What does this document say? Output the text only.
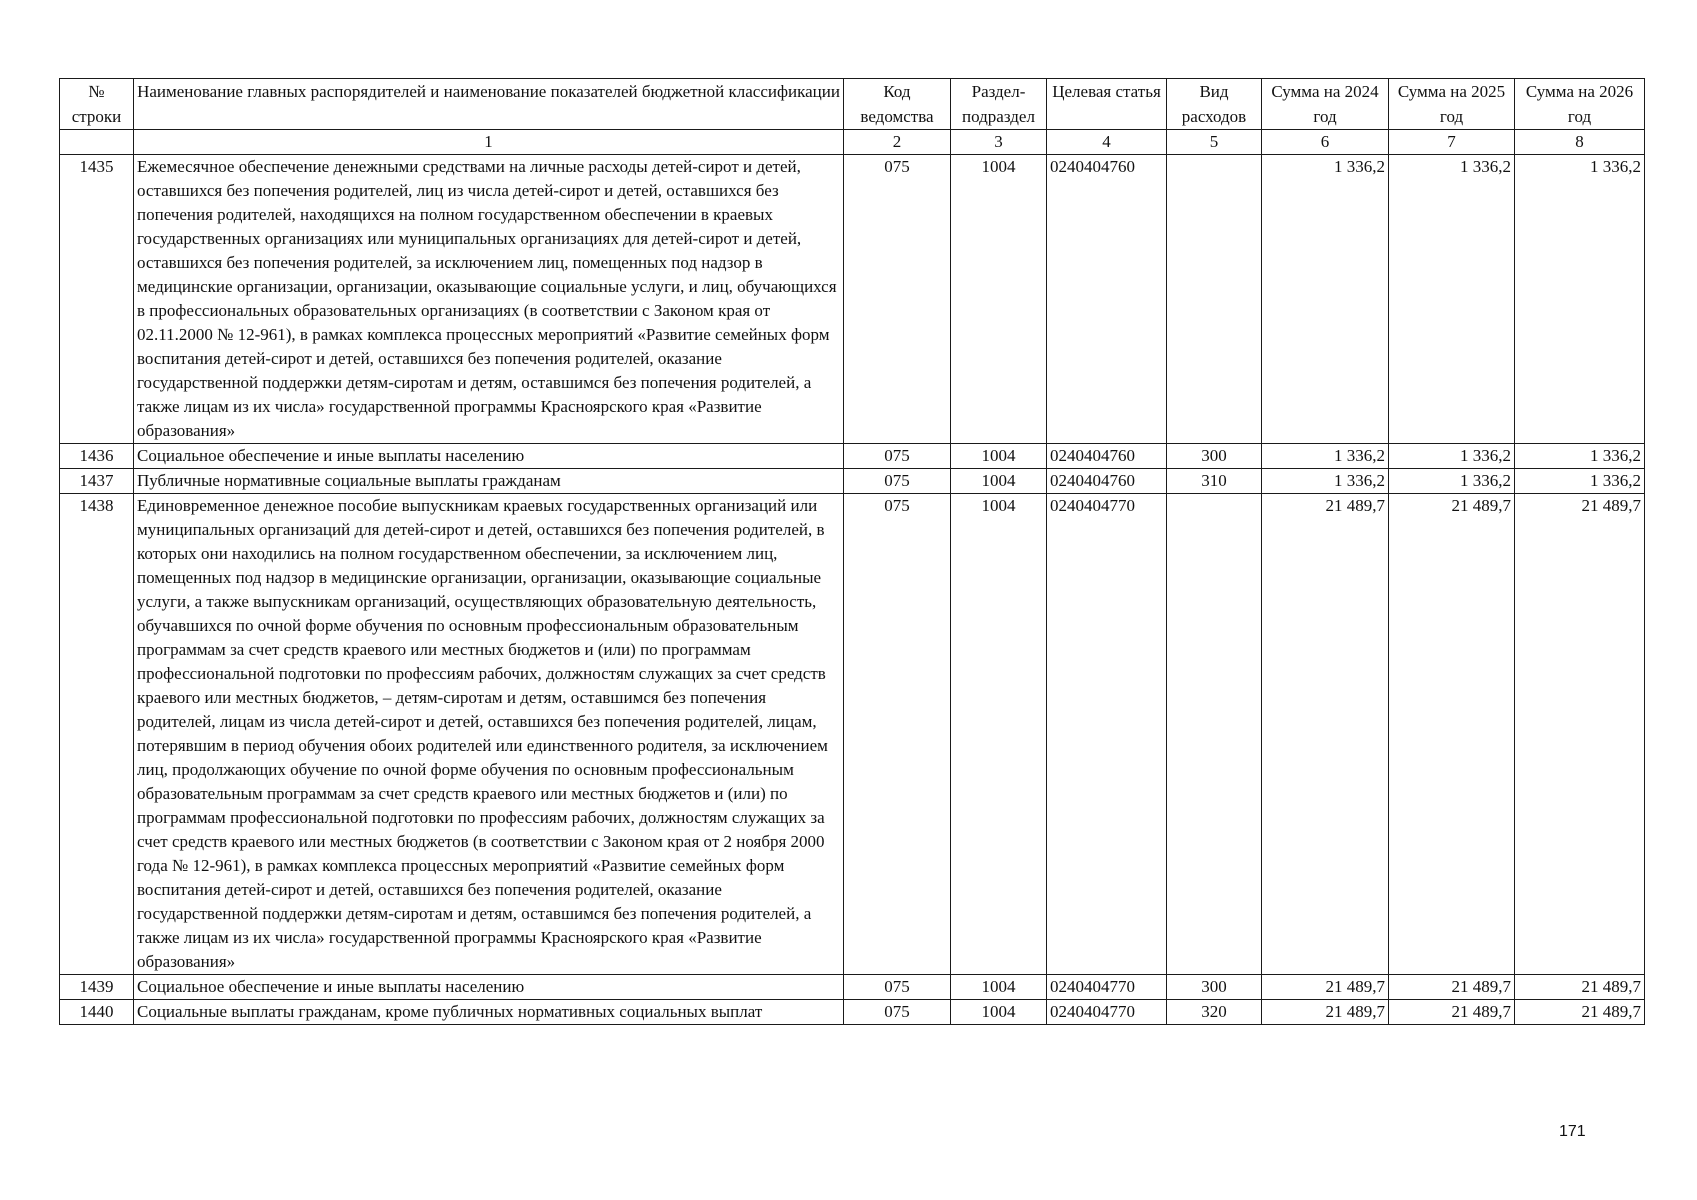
№ строки	Наименование главных распорядителей и наименование показателей бюджетной классификации	Код ведомства	Раздел-подраздел	Целевая статья	Вид расходов	Сумма на 2024 год	Сумма на 2025 год	Сумма на 2026 год
	1	2	3	4	5	6	7	8
1435	Ежемесячное обеспечение денежными средствами на личные расходы детей-сирот и детей, оставшихся без попечения родителей, лиц из числа детей-сирот и детей, оставшихся без попечения родителей, находящихся на полном государственном обеспечении в краевых государственных организациях или муниципальных организациях для детей-сирот и детей, оставшихся без попечения родителей, за исключением лиц, помещенных под надзор в медицинские организации, организации, оказывающие социальные услуги, и лиц, обучающихся в профессиональных образовательных организациях (в соответствии с Законом края от 02.11.2000 № 12-961), в рамках комплекса процессных мероприятий «Развитие семейных форм воспитания детей-сирот и детей, оставшихся без попечения родителей, оказание государственной поддержки детям-сиротам и детям, оставшимся без попечения родителей, а также лицам из их числа» государственной программы Красноярского края «Развитие образования»	075	1004	0240404760		1 336,2	1 336,2	1 336,2
1436	Социальное обеспечение и иные выплаты населению	075	1004	0240404760	300	1 336,2	1 336,2	1 336,2
1437	Публичные нормативные социальные выплаты гражданам	075	1004	0240404760	310	1 336,2	1 336,2	1 336,2
1438	Единовременное денежное пособие выпускникам краевых государственных организаций или муниципальных организаций для детей-сирот и детей, оставшихся без попечения родителей, в которых они находились на полном государственном обеспечении, за исключением лиц, помещенных под надзор в медицинские организации, организации, оказывающие социальные услуги, а также выпускникам организаций, осуществляющих образовательную деятельность, обучавшихся по очной форме обучения по основным профессиональным образовательным программам за счет средств краевого или местных бюджетов и (или) по программам профессиональной подготовки по профессиям рабочих, должностям служащих за счет средств краевого или местных бюджетов, – детям-сиротам и детям, оставшимся без попечения родителей, лицам из числа детей-сирот и детей, оставшихся без попечения родителей, лицам, потерявшим в период обучения обоих родителей или единственного родителя, за исключением лиц, продолжающих обучение по очной форме обучения по основным профессиональным образовательным программам за счет средств краевого или местных бюджетов и (или) по программам профессиональной подготовки по профессиям рабочих, должностям служащих за счет средств краевого или местных бюджетов (в соответствии с Законом края от 2 ноября 2000 года № 12-961), в рамках комплекса процессных мероприятий «Развитие семейных форм воспитания детей-сирот и детей, оставшихся без попечения родителей, оказание государственной поддержки детям-сиротам и детям, оставшимся без попечения родителей, а также лицам из их числа» государственной программы Красноярского края «Развитие образования»	075	1004	0240404770		21 489,7	21 489,7	21 489,7
1439	Социальное обеспечение и иные выплаты населению	075	1004	0240404770	300	21 489,7	21 489,7	21 489,7
1440	Социальные выплаты гражданам, кроме публичных нормативных социальных выплат	075	1004	0240404770	320	21 489,7	21 489,7	21 489,7
171
